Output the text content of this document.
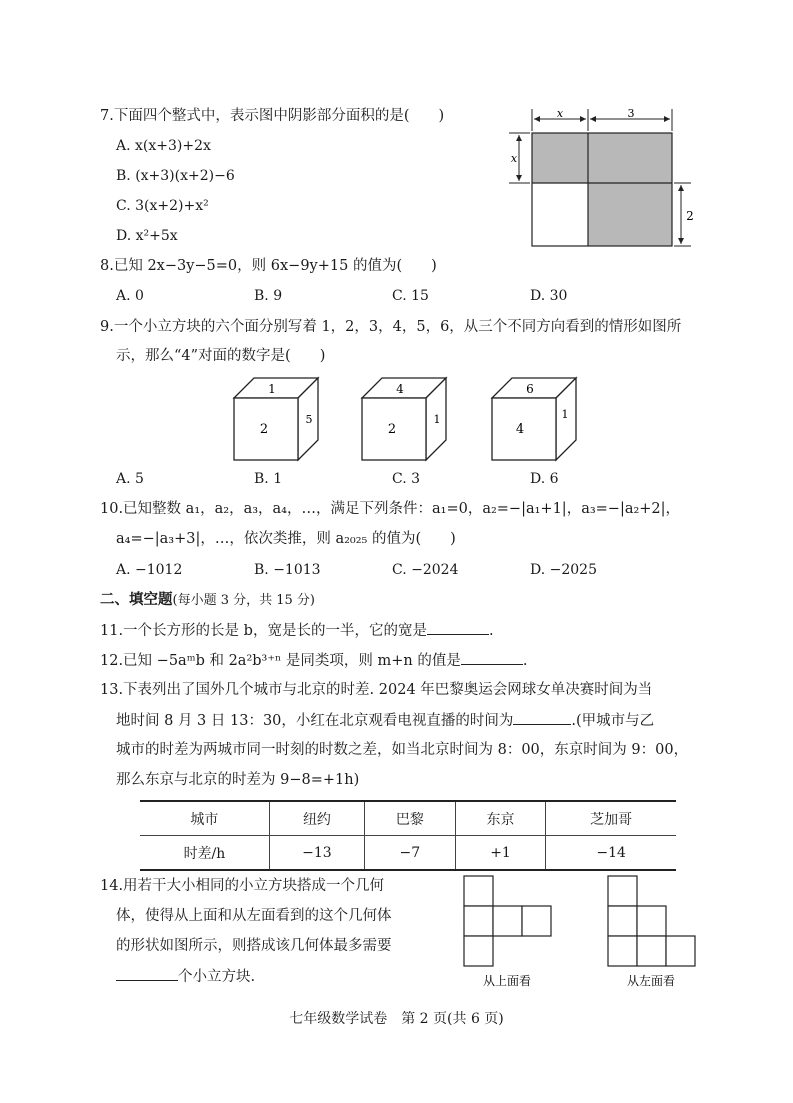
7.下面四个整式中，表示图中阴影部分面积的是(　　)
A. x(x+3)+2x
B. (x+3)(x+2)−6
C. 3(x+2)+x²
D. x²+5x
x	3
x
2
8.已知 2x−3y−5=0，则 6x−9y+15 的值为(　　)
A. 0	B. 9	C. 15	D. 30
9.一个小立方块的六个面分别写着 1，2，3，4，5，6，从三个不同方向看到的情形如图所
示，那么“4”对面的数字是(　　)
1
2
5
4
2
1
6
4
1
A. 5	B. 1	C. 3	D. 6
10.已知整数 a₁，a₂，a₃，a₄，…，满足下列条件：a₁=0，a₂=−|a₁+1|，a₃=−|a₂+2|，
a₄=−|a₃+3|，…，依次类推，则 a₂₀₂₅ 的值为(　　)
A. −1012	B. −1013	C. −2024	D. −2025
二、填空题(每小题 3 分，共 15 分)
11.一个长方形的长是 b，宽是长的一半，它的宽是	.
12.已知 −5aᵐb 和 2a²b³⁺ⁿ 是同类项，则 m+n 的值是	.
13.下表列出了国外几个城市与北京的时差. 2024 年巴黎奥运会网球女单决赛时间为当
地时间 8 月 3 日 13：30，小红在北京观看电视直播的时间为	.(甲城市与乙
城市的时差为两城市同一时刻的时数之差，如当北京时间为 8：00，东京时间为 9：00，
那么东京与北京的时差为 9−8=+1h)
城市	纽约	巴黎	东京	芝加哥
时差/h	−13	−7	+1	−14
14.用若干大小相同的小立方块搭成一个几何
体，使得从上面和从左面看到的这个几何体
的形状如图所示，则搭成该几何体最多需要
个小立方块.	从上面看	从左面看
七年级数学试卷　第 2 页(共 6 页)
